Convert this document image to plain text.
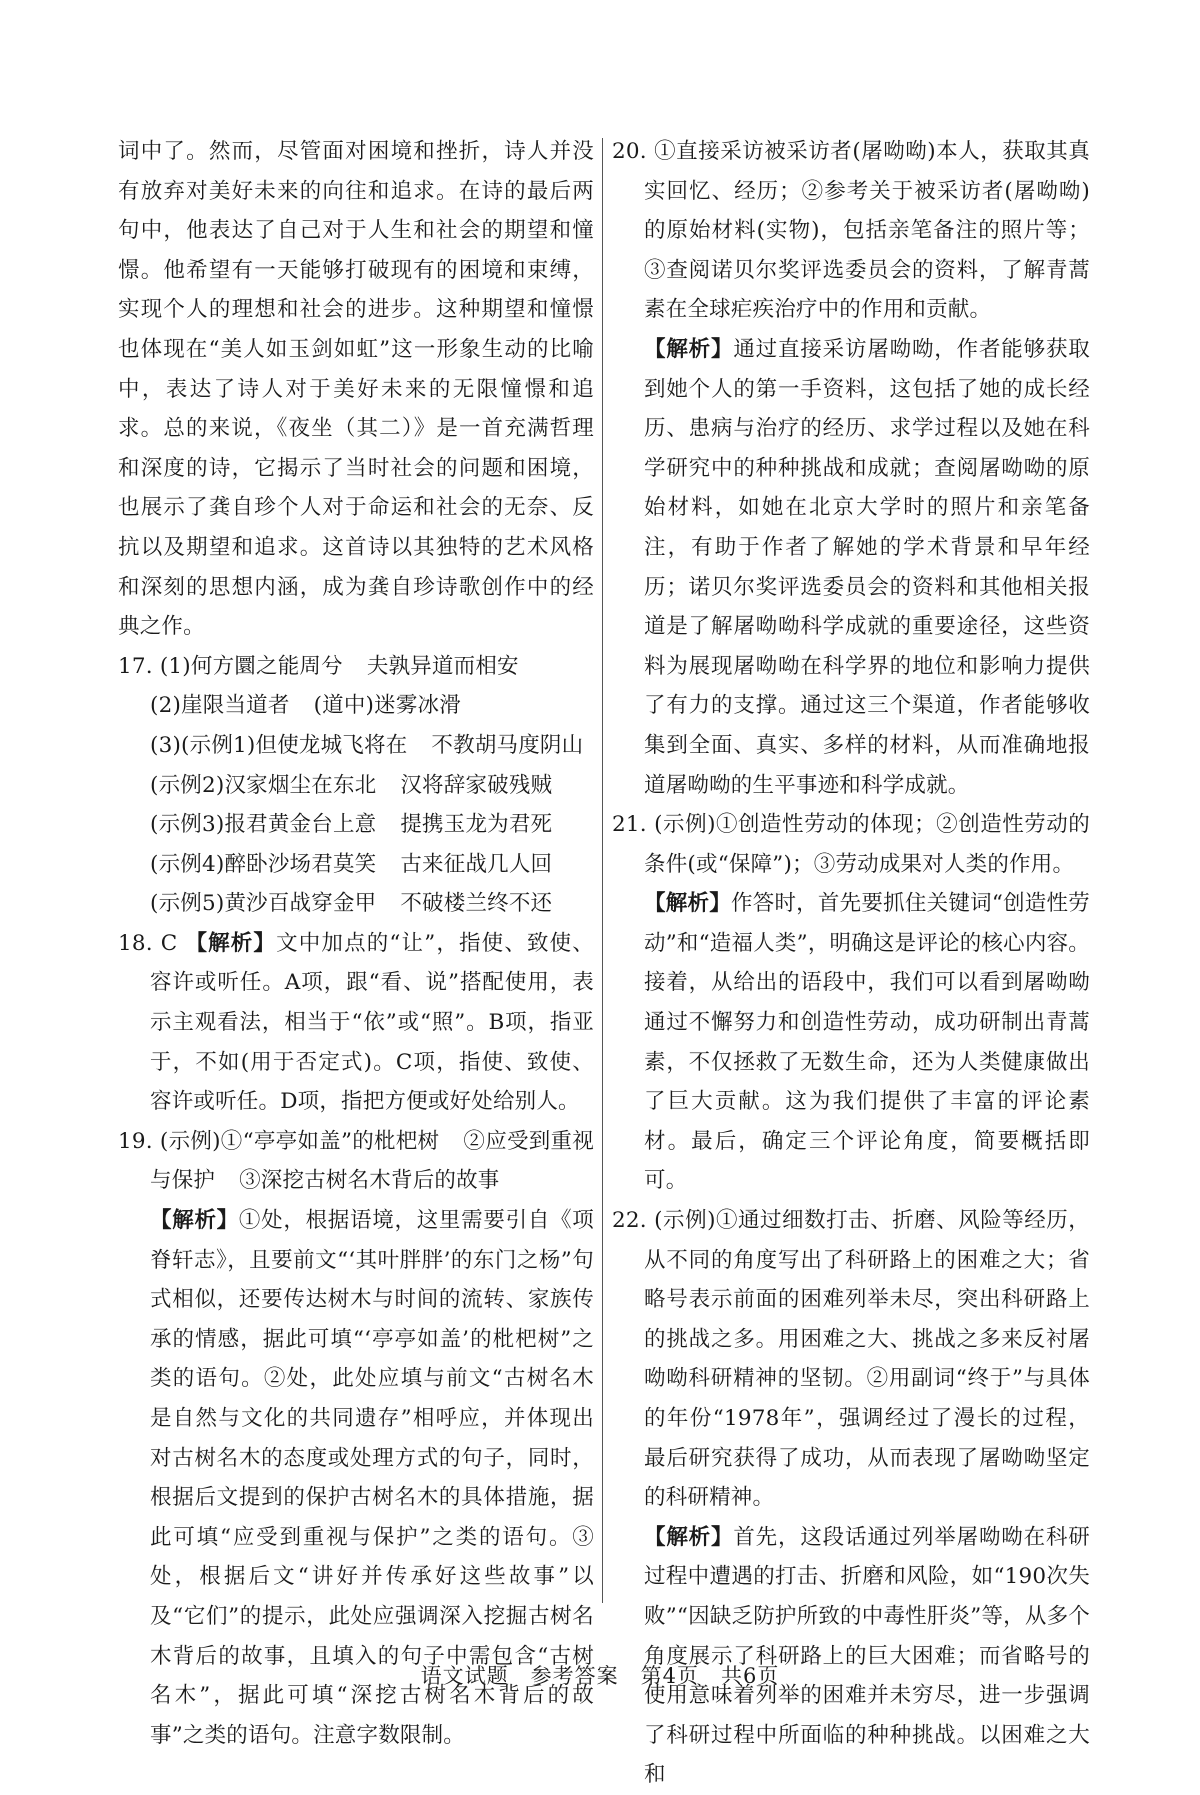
词中了。然而，尽管面对困境和挫折，诗人并没有放弃对美好未来的向往和追求。在诗的最后两句中，他表达了自己对于人生和社会的期望和憧憬。他希望有一天能够打破现有的困境和束缚，实现个人的理想和社会的进步。这种期望和憧憬也体现在“美人如玉剑如虹”这一形象生动的比喻中，表达了诗人对于美好未来的无限憧憬和追求。总的来说，《夜坐（其二）》是一首充满哲理和深度的诗，它揭示了当时社会的问题和困境，也展示了龚自珍个人对于命运和社会的无奈、反抗以及期望和追求。这首诗以其独特的艺术风格和深刻的思想内涵，成为龚自珍诗歌创作中的经典之作。

17. (1)何方圜之能周兮 夫孰异道而相安
(2)崖限当道者 (道中)迷雾冰滑
(3)(示例1)但使龙城飞将在 不教胡马度阴山
(示例2)汉家烟尘在东北 汉将辞家破残贼
(示例3)报君黄金台上意 提携玉龙为君死
(示例4)醉卧沙场君莫笑 古来征战几人回
(示例5)黄沙百战穿金甲 不破楼兰终不还
18. C 【解析】文中加点的“让”，指使、致使、容许或听任。A项，跟“看、说”搭配使用，表示主观看法，相当于“依”或“照”。B项，指亚于，不如(用于否定式)。C项，指使、致使、容许或听任。D项，指把方便或好处给别人。
19. (示例)①“亭亭如盖”的枇杷树 ②应受到重视与保护 ③深挖古树名木背后的故事
【解析】①处，根据语境，这里需要引自《项脊轩志》，且要前文“‘其叶胖胖’的东门之杨”句式相似，还要传达树木与时间的流转、家族传承的情感，据此可填“‘亭亭如盖’的枇杷树”之类的语句。②处，此处应填与前文“古树名木是自然与文化的共同遗存”相呼应，并体现出对古树名木的态度或处理方式的句子，同时，根据后文提到的保护古树名木的具体措施，据此可填“应受到重视与保护”之类的语句。③处，根据后文“讲好并传承好这些故事”以及“它们”的提示，此处应强调深入挖掘古树名木背后的故事，且填入的句子中需包含“古树名木”，据此可填“深挖古树名木背后的故事”之类的语句。注意字数限制。
20. ①直接采访被采访者(屠呦呦)本人，获取其真实回忆、经历；②参考关于被采访者(屠呦呦)的原始材料(实物)，包括亲笔备注的照片等；③查阅诺贝尔奖评选委员会的资料，了解青蒿素在全球疟疾治疗中的作用和贡献。
【解析】通过直接采访屠呦呦，作者能够获取到她个人的第一手资料，这包括了她的成长经历、患病与治疗的经历、求学过程以及她在科学研究中的种种挑战和成就；查阅屠呦呦的原始材料，如她在北京大学时的照片和亲笔备注，有助于作者了解她的学术背景和早年经历；诺贝尔奖评选委员会的资料和其他相关报道是了解屠呦呦科学成就的重要途径，这些资料为展现屠呦呦在科学界的地位和影响力提供了有力的支撑。通过这三个渠道，作者能够收集到全面、真实、多样的材料，从而准确地报道屠呦呦的生平事迹和科学成就。
21. (示例)①创造性劳动的体现；②创造性劳动的条件(或“保障”)；③劳动成果对人类的作用。
【解析】作答时，首先要抓住关键词“创造性劳动”和“造福人类”，明确这是评论的核心内容。接着，从给出的语段中，我们可以看到屠呦呦通过不懈努力和创造性劳动，成功研制出青蒿素，不仅拯救了无数生命，还为人类健康做出了巨大贡献。这为我们提供了丰富的评论素材。最后，确定三个评论角度，简要概括即可。
22. (示例)①通过细数打击、折磨、风险等经历，从不同的角度写出了科研路上的困难之大；省略号表示前面的困难列举未尽，突出科研路上的挑战之多。用困难之大、挑战之多来反衬屠呦呦科研精神的坚韧。②用副词“终于”与具体的年份“1978年”，强调经过了漫长的过程，最后研究获得了成功，从而表现了屠呦呦坚定的科研精神。
【解析】首先，这段话通过列举屠呦呦在科研过程中遭遇的打击、折磨和风险，如“190次失败”“因缺乏防护所致的中毒性肝炎”等，从多个角度展示了科研路上的巨大困难；而省略号的使用意味着列举的困难并未穷尽，进一步强调了科研过程中所面临的种种挑战。以困难之大和
语文试题　参考答案　第4页　共6页
